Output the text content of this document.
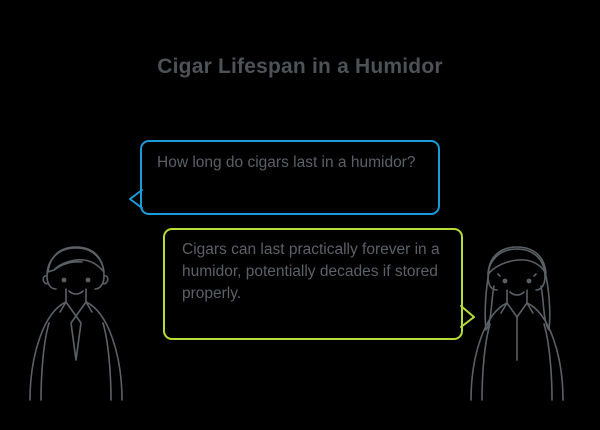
Cigar Lifespan in a Humidor
How long do cigars last in a humidor?
Cigars can last practically forever in a humidor, potentially decades if stored properly.
